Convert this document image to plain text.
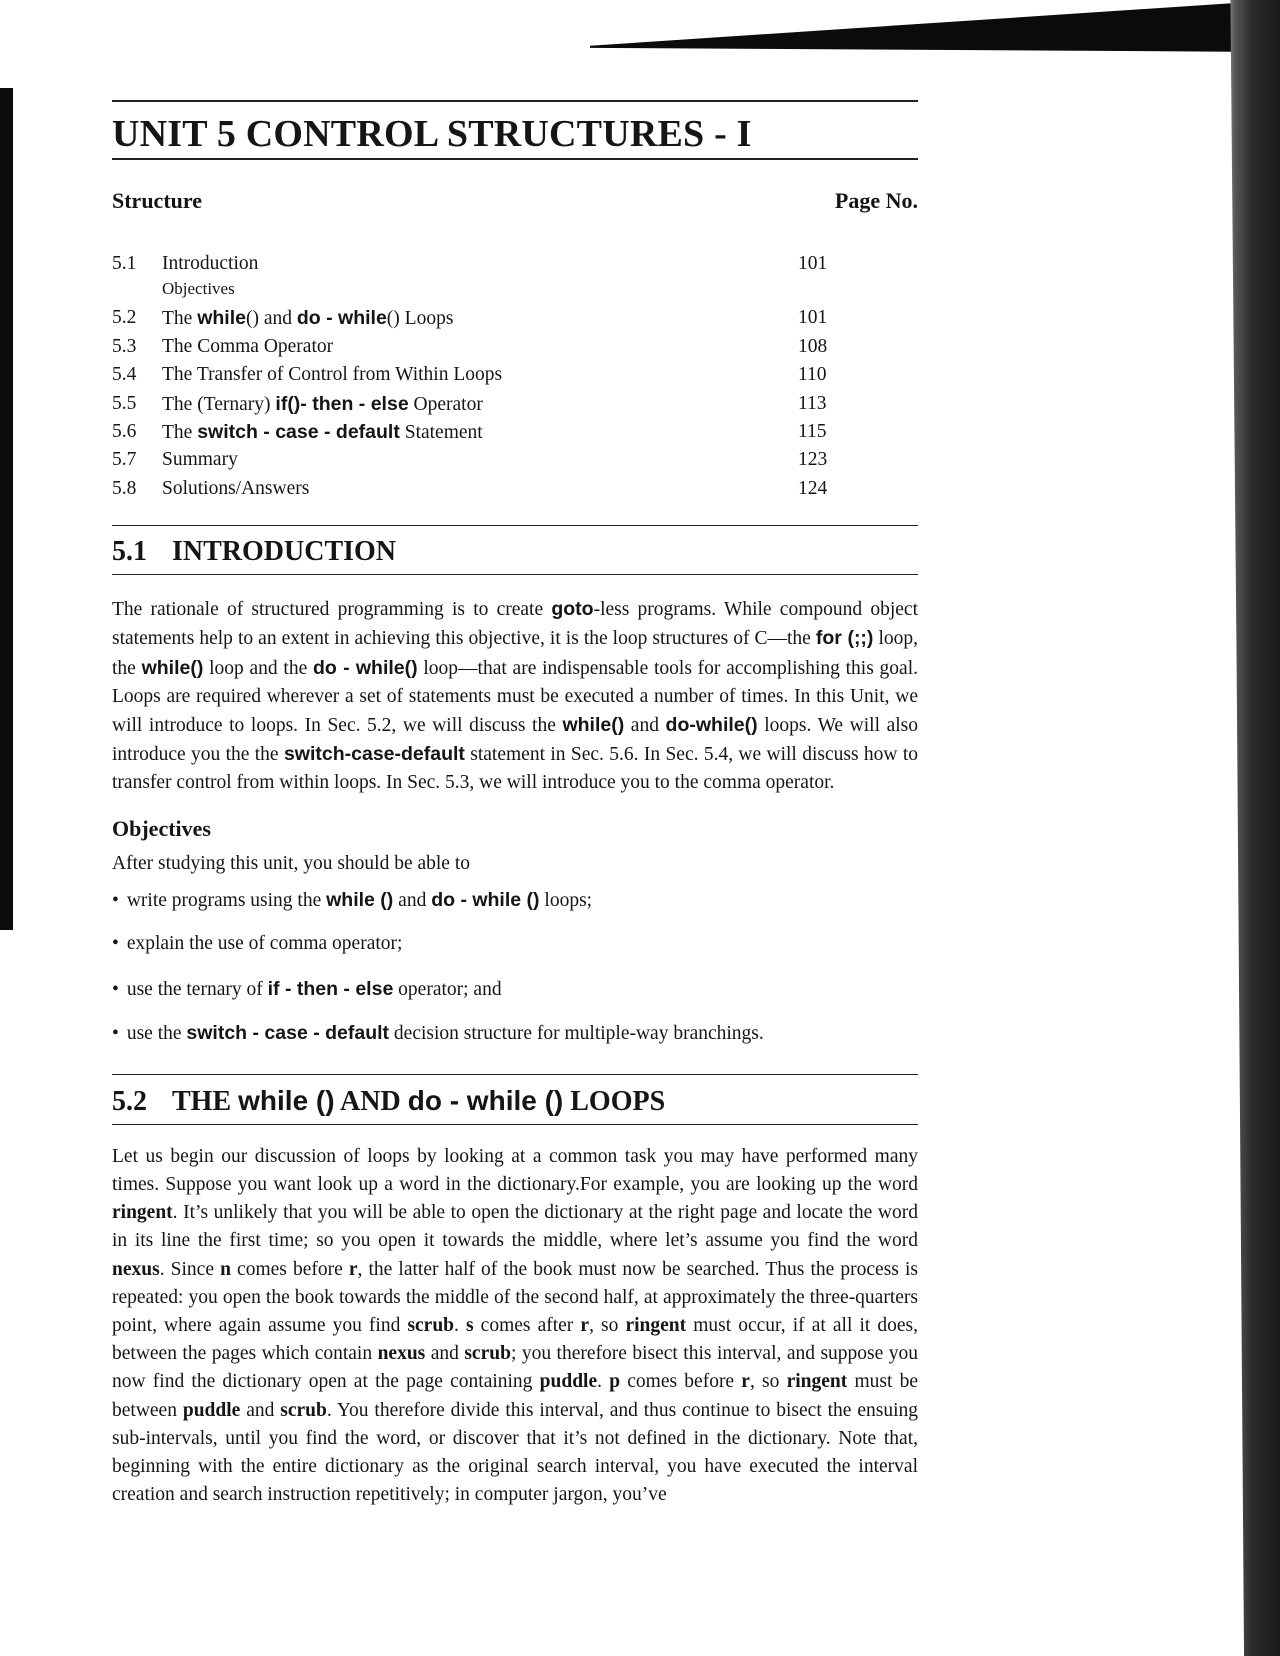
UNIT 5 CONTROL STRUCTURES - I
Structure	Page No.
5.1	Introduction	101
Objectives
5.2	The while() and do - while() Loops	101
5.3	The Comma Operator	108
5.4	The Transfer of Control from Within Loops	110
5.5	The (Ternary) if()- then - else Operator	113
5.6	The switch - case - default Statement	115
5.7	Summary	123
5.8	Solutions/Answers	124
5.1 INTRODUCTION

The rationale of structured programming is to create goto-less programs. While compound object statements help to an extent in achieving this objective, it is the loop structures of C—the for (;;) loop, the while() loop and the do - while() loop—that are indispensable tools for accomplishing this goal. Loops are required wherever a set of statements must be executed a number of times. In this Unit, we will introduce to loops. In Sec. 5.2, we will discuss the while() and do-while() loops. We will also introduce you the the switch-case-default statement in Sec. 5.6. In Sec. 5.4, we will discuss how to transfer control from within loops. In Sec. 5.3, we will introduce you to the comma operator.

Objectives

After studying this unit, you should be able to

• write programs using the while () and do - while () loops;
• explain the use of comma operator;
• use the ternary of if - then - else operator; and
• use the switch - case - default decision structure for multiple-way branchings.
5.2 THE while () AND do - while () LOOPS

Let us begin our discussion of loops by looking at a common task you may have performed many times. Suppose you want look up a word in the dictionary.For example, you are looking up the word ringent. It’s unlikely that you will be able to open the dictionary at the right page and locate the word in its line the first time; so you open it towards the middle, where let’s assume you find the word nexus. Since n comes before r, the latter half of the book must now be searched. Thus the process is repeated: you open the book towards the middle of the second half, at approximately the three-quarters point, where again assume you find scrub. s comes after r, so ringent must occur, if at all it does, between the pages which contain nexus and scrub; you therefore bisect this interval, and suppose you now find the dictionary open at the page containing puddle. p comes before r, so ringent must be between puddle and scrub. You therefore divide this interval, and thus continue to bisect the ensuing sub-intervals, until you find the word, or discover that it’s not defined in the dictionary. Note that, beginning with the entire dictionary as the original search interval, you have executed the interval creation and search instruction repetitively; in computer jargon, you’ve
